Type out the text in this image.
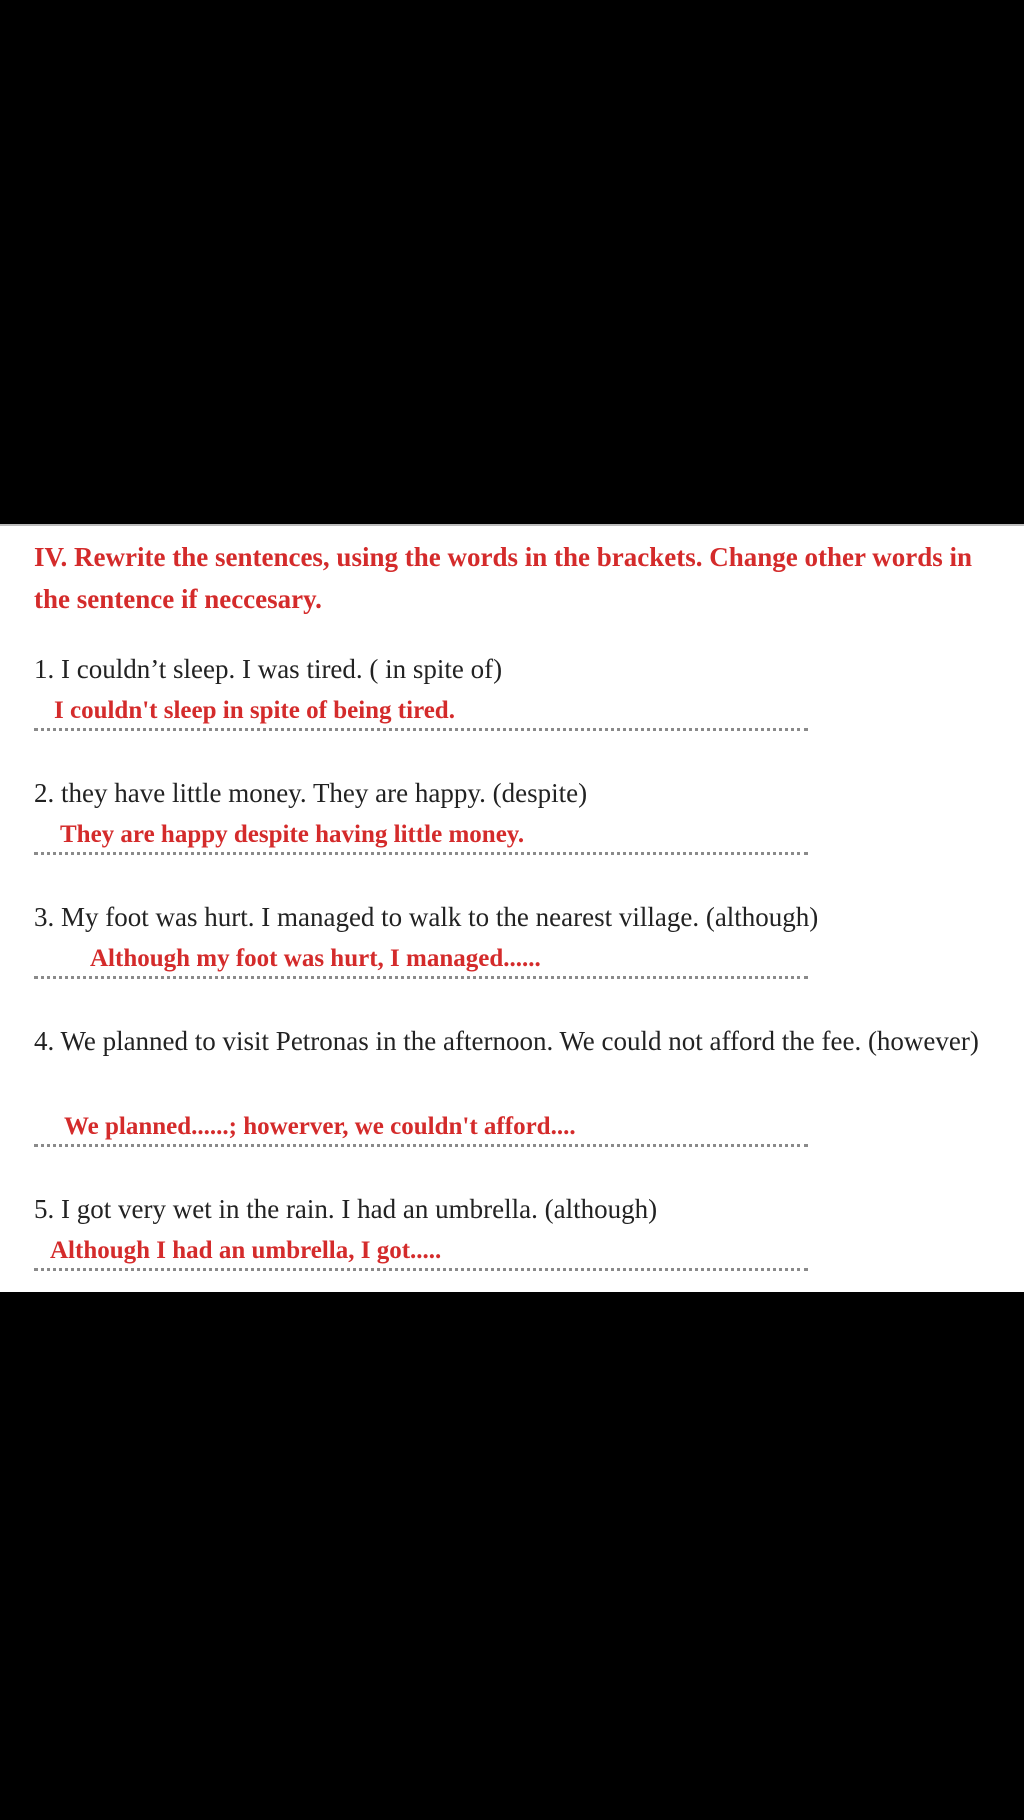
IV. Rewrite the sentences, using the words in the brackets. Change other words in the sentence if neccesary.

1. I couldn’t sleep. I was tired. ( in spite of)

I couldn't sleep in spite of being tired.

2. they have little money. They are happy. (despite)

They are happy despite having little money.

3. My foot was hurt. I managed to walk to the nearest village. (although)

Although my foot was hurt, I managed......

4. We planned to visit Petronas in the afternoon. We could not afford the fee. (however)

We planned......; howerver, we couldn't afford....

5. I got very wet in the rain. I had an umbrella. (although)

Although I had an umbrella, I got.....
